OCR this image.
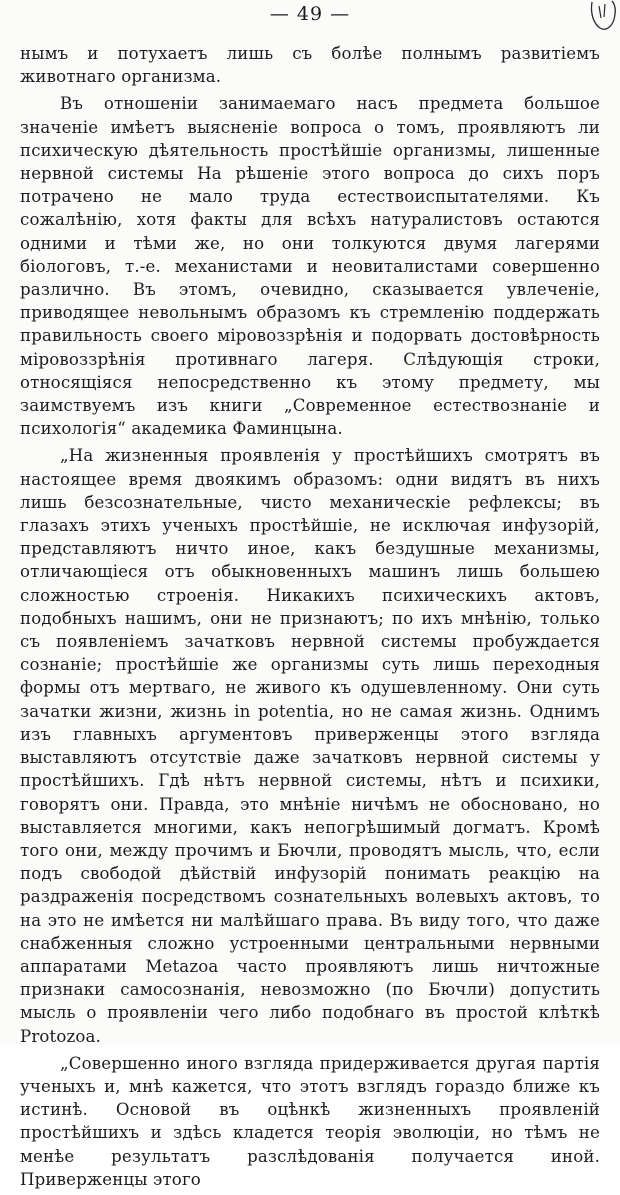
— 49 —

нымъ и потухаетъ лишь съ болѣе полнымъ развитіемъ животнаго организма.

Въ отношеніи занимаемаго насъ предмета большое значеніе имѣетъ выясненіе вопроса о томъ, проявляютъ ли психическую дѣятельность простѣйшіе организмы, лишенные нервной системы На рѣшеніе этого вопроса до сихъ поръ потрачено не мало труда естествоиспытателями. Къ сожалѣнію, хотя факты для всѣхъ натуралистовъ остаются одними и тѣми же, но они толкуются двумя лагерями біологовъ, т.-е. механистами и неовиталистами совершенно различно. Въ этомъ, очевидно, сказывается увлеченіе, приводящее невольнымъ образомъ къ стремленію поддержать правильность своего міровоззрѣнія и подорвать достовѣрность міровоззрѣнія противнаго лагеря. Слѣдующія строки, относящіяся непосредственно къ этому предмету, мы заимствуемъ изъ книги „Современное естествознаніе и психологія“ академика Фаминцына.

„На жизненныя проявленія у простѣйшихъ смотрятъ въ настоящее время двоякимъ образомъ: одни видятъ въ нихъ лишь безсознательные, чисто механическіе рефлексы; въ глазахъ этихъ ученыхъ простѣйшіе, не исключая инфузорій, представляютъ ничто иное, какъ бездушные механизмы, отличающіеся отъ обыкновенныхъ машинъ лишь большею сложностью строенія. Никакихъ психическихъ актовъ, подобныхъ нашимъ, они не признаютъ; по ихъ мнѣнію, только съ появленіемъ зачатковъ нервной системы пробуждается сознаніе; простѣйшіе же организмы суть лишь переходныя формы отъ мертваго, не живого къ одушевленному. Они суть зачатки жизни, жизнь in potentia, но не самая жизнь. Однимъ изъ главныхъ аргументовъ приверженцы этого взгляда выставляютъ отсутствіе даже зачатковъ нервной системы у простѣйшихъ. Гдѣ нѣтъ нервной системы, нѣтъ и психики, говорятъ они. Правда, это мнѣніе ничѣмъ не обосновано, но выставляется многими, какъ непогрѣшимый догматъ. Кромѣ того они, между прочимъ и Бючли, проводятъ мысль, что, если подъ свободой дѣйствій инфузорій понимать реакцію на раздраженія посредствомъ сознательныхъ волевыхъ актовъ, то на это не имѣется ни малѣйшаго права. Въ виду того, что даже снабженныя сложно устроенными центральными нервными аппаратами Metazoa часто проявляютъ лишь ничтожные признаки самосознанія, невозможно (по Бючли) допустить мысль о проявленіи чего либо подобнаго въ простой клѣткѣ Protozoa.

„Совершенно иного взгляда придерживается другая партія ученыхъ и, мнѣ кажется, что этотъ взглядъ гораздо ближе къ истинѣ. Основой въ оцѣнкѣ жизненныхъ проявленій простѣйшихъ и здѣсь кладется теорія эволюціи, но тѣмъ не менѣе результатъ разслѣдованія получается иной. Приверженцы этого
